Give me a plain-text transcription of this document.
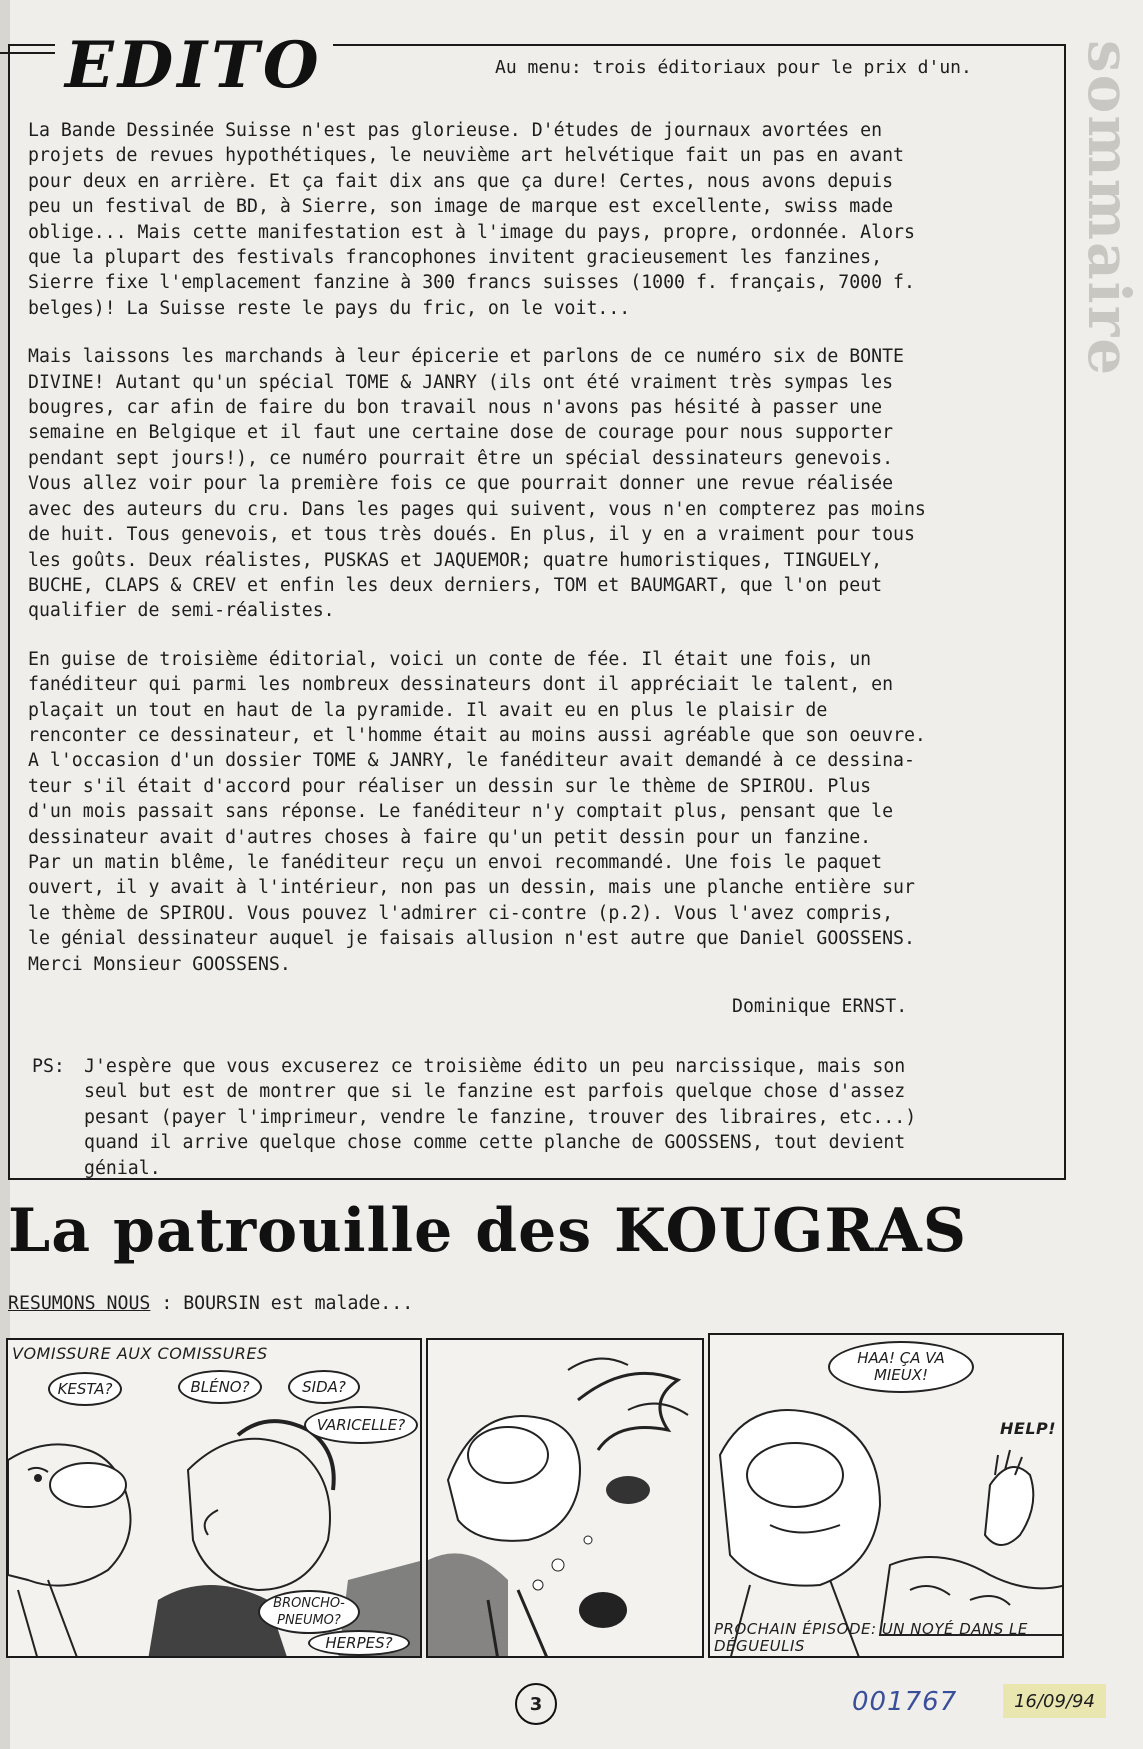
sommaire
EDITO	Au menu: trois éditoriaux pour le prix d'un.

La Bande Dessinée Suisse n'est pas glorieuse. D'études de journaux avortées en
projets de revues hypothétiques, le neuvième art helvétique fait un pas en avant
pour deux en arrière. Et ça fait dix ans que ça dure! Certes, nous avons depuis
peu un festival de BD, à Sierre, son image de marque est excellente, swiss made
oblige... Mais cette manifestation est à l'image du pays, propre, ordonnée. Alors
que la plupart des festivals francophones invitent gracieusement les fanzines,
Sierre fixe l'emplacement fanzine à 300 francs suisses (1000 f. français, 7000 f.
belges)! La Suisse reste le pays du fric, on le voit...

Mais laissons les marchands à leur épicerie et parlons de ce numéro six de BONTE
DIVINE! Autant qu'un spécial TOME & JANRY (ils ont été vraiment très sympas les
bougres, car afin de faire du bon travail nous n'avons pas hésité à passer une
semaine en Belgique et il faut une certaine dose de courage pour nous supporter
pendant sept jours!), ce numéro pourrait être un spécial dessinateurs genevois.
Vous allez voir pour la première fois ce que pourrait donner une revue réalisée
avec des auteurs du cru. Dans les pages qui suivent, vous n'en compterez pas moins
de huit. Tous genevois, et tous très doués. En plus, il y en a vraiment pour tous
les goûts. Deux réalistes, PUSKAS et JAQUEMOR; quatre humoristiques, TINGUELY,
BUCHE, CLAPS & CREV et enfin les deux derniers, TOM et BAUMGART, que l'on peut
qualifier de semi-réalistes.

En guise de troisième éditorial, voici un conte de fée. Il était une fois, un
fanéditeur qui parmi les nombreux dessinateurs dont il appréciait le talent, en
plaçait un tout en haut de la pyramide. Il avait eu en plus le plaisir de
renconter ce dessinateur, et l'homme était au moins aussi agréable que son oeuvre.
A l'occasion d'un dossier TOME & JANRY, le fanéditeur avait demandé à ce dessina-
teur s'il était d'accord pour réaliser un dessin sur le thème de SPIROU. Plus
d'un mois passait sans réponse. Le fanéditeur n'y comptait plus, pensant que le
dessinateur avait d'autres choses à faire qu'un petit dessin pour un fanzine.
Par un matin blême, le fanéditeur reçu un envoi recommandé. Une fois le paquet
ouvert, il y avait à l'intérieur, non pas un dessin, mais une planche entière sur
le thème de SPIROU. Vous pouvez l'admirer ci-contre (p.2). Vous l'avez compris,
le génial dessinateur auquel je faisais allusion n'est autre que Daniel GOOSSENS.
Merci Monsieur GOOSSENS.

Dominique ERNST.
PS: J'espère que vous excuserez ce troisième édito un peu narcissique, mais son
seul but est de montrer que si le fanzine est parfois quelque chose d'assez
pesant (payer l'imprimeur, vendre le fanzine, trouver des libraires, etc...)
quand il arrive quelque chose comme cette planche de GOOSSENS, tout devient
génial.
La patrouille des KOUGRAS
RESUMONS NOUS : BOURSIN est malade...
VOMISSURE AUX COMISSURES
KESTA?	BLÉNO?	SIDA?
VARICELLE?
BRONCHO-PNEUMO?
HERPES?
HAA! ÇA VA MIEUX!
HELP!
PROCHAIN ÉPISODE: UN NOYÉ DANS LE DÉGUEULIS
3	001767	16/09/94
